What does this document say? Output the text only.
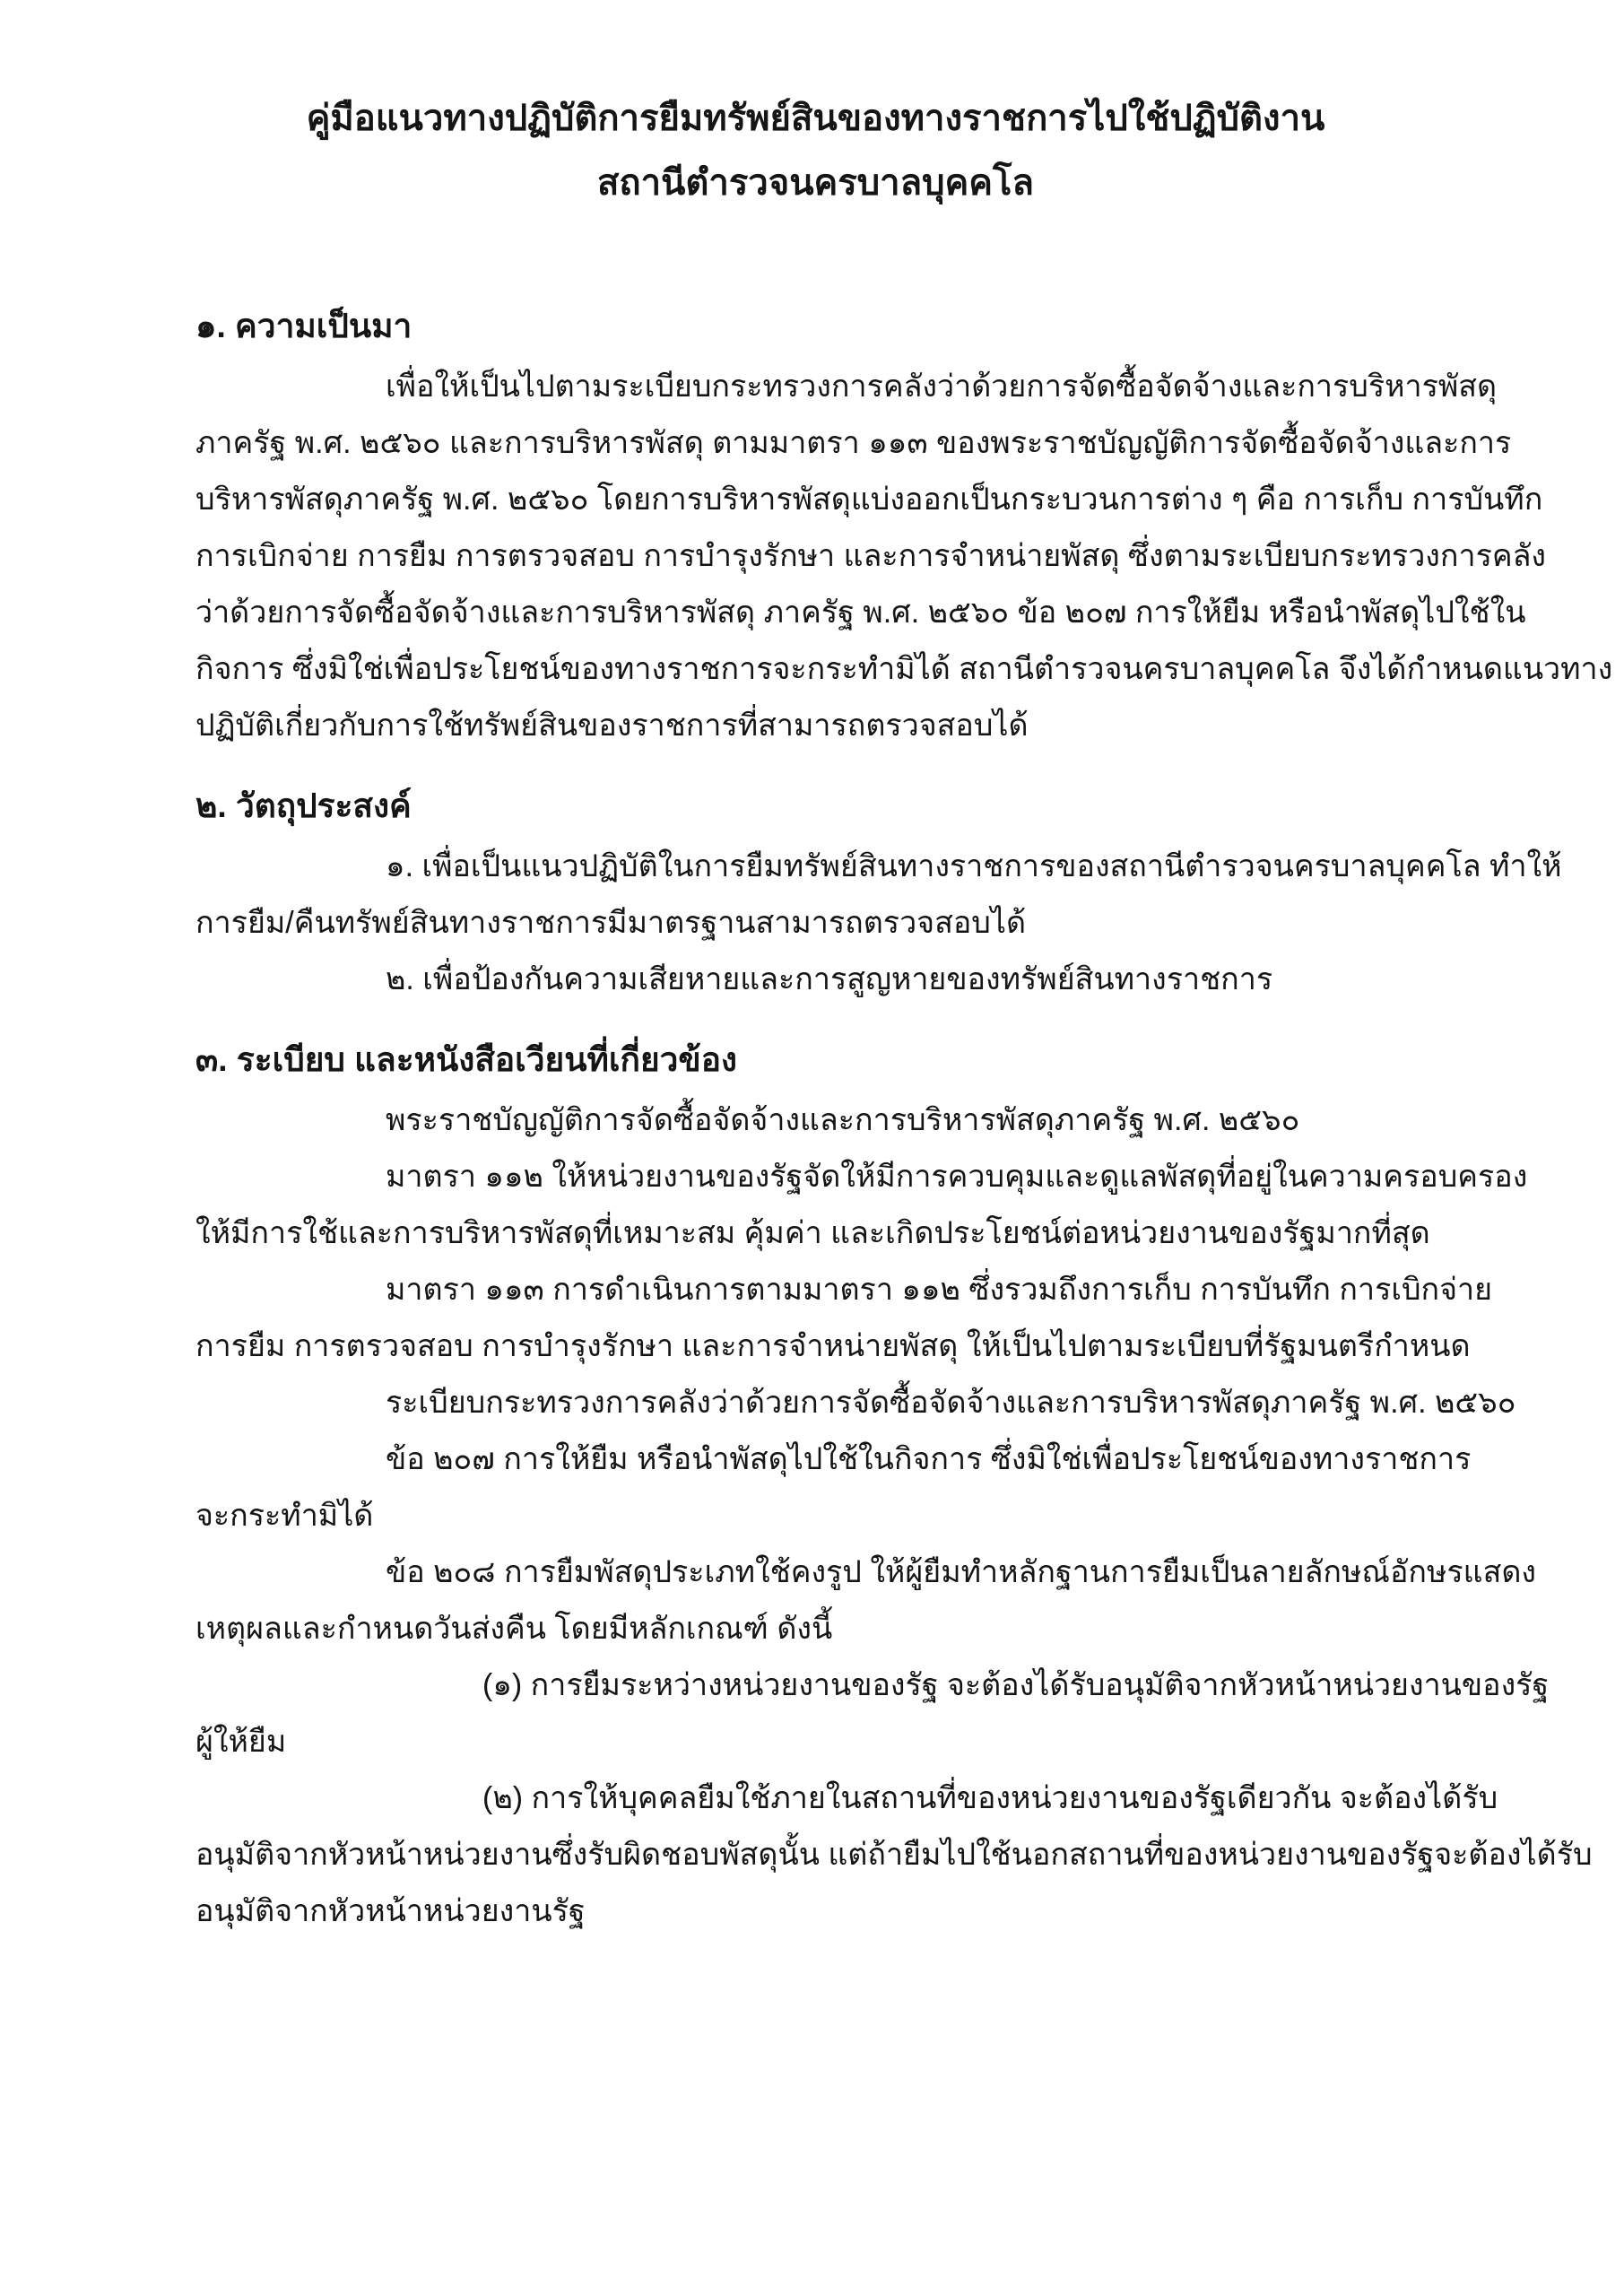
คู่มือแนวทางปฏิบัติการยืมทรัพย์สินของทางราชการไปใช้ปฏิบัติงาน
สถานีตำรวจนครบาลบุคคโล
๑. ความเป็นมา
เพื่อให้เป็นไปตามระเบียบกระทรวงการคลังว่าด้วยการจัดซื้อจัดจ้างและการบริหารพัสดุ
ภาครัฐ พ.ศ. ๒๕๖๐ และการบริหารพัสดุ ตามมาตรา ๑๑๓ ของพระราชบัญญัติการจัดซื้อจัดจ้างและการ
บริหารพัสดุภาครัฐ พ.ศ. ๒๕๖๐ โดยการบริหารพัสดุแบ่งออกเป็นกระบวนการต่าง ๆ คือ การเก็บ การบันทึก
การเบิกจ่าย การยืม การตรวจสอบ การบำรุงรักษา และการจำหน่ายพัสดุ ซึ่งตามระเบียบกระทรวงการคลัง
ว่าด้วยการจัดซื้อจัดจ้างและการบริหารพัสดุ ภาครัฐ พ.ศ. ๒๕๖๐ ข้อ ๒๐๗ การให้ยืม หรือนำพัสดุไปใช้ใน
กิจการ ซึ่งมิใช่เพื่อประโยชน์ของทางราชการจะกระทำมิได้ สถานีตำรวจนครบาลบุคคโล จึงได้กำหนดแนวทาง
ปฏิบัติเกี่ยวกับการใช้ทรัพย์สินของราชการที่สามารถตรวจสอบได้
๒. วัตถุประสงค์
๑. เพื่อเป็นแนวปฏิบัติในการยืมทรัพย์สินทางราชการของสถานีตำรวจนครบาลบุคคโล ทำให้
การยืม/คืนทรัพย์สินทางราชการมีมาตรฐานสามารถตรวจสอบได้
๒. เพื่อป้องกันความเสียหายและการสูญหายของทรัพย์สินทางราชการ
๓. ระเบียบ และหนังสือเวียนที่เกี่ยวข้อง
พระราชบัญญัติการจัดซื้อจัดจ้างและการบริหารพัสดุภาครัฐ พ.ศ. ๒๕๖๐
มาตรา ๑๑๒ ให้หน่วยงานของรัฐจัดให้มีการควบคุมและดูแลพัสดุที่อยู่ในความครอบครอง
ให้มีการใช้และการบริหารพัสดุที่เหมาะสม คุ้มค่า และเกิดประโยชน์ต่อหน่วยงานของรัฐมากที่สุด
มาตรา ๑๑๓ การดำเนินการตามมาตรา ๑๑๒ ซึ่งรวมถึงการเก็บ การบันทึก การเบิกจ่าย
การยืม การตรวจสอบ การบำรุงรักษา และการจำหน่ายพัสดุ ให้เป็นไปตามระเบียบที่รัฐมนตรีกำหนด
ระเบียบกระทรวงการคลังว่าด้วยการจัดซื้อจัดจ้างและการบริหารพัสดุภาครัฐ พ.ศ. ๒๕๖๐
ข้อ ๒๐๗ การให้ยืม หรือนำพัสดุไปใช้ในกิจการ ซึ่งมิใช่เพื่อประโยชน์ของทางราชการ
จะกระทำมิได้
ข้อ ๒๐๘ การยืมพัสดุประเภทใช้คงรูป ให้ผู้ยืมทำหลักฐานการยืมเป็นลายลักษณ์อักษรแสดง
เหตุผลและกำหนดวันส่งคืน โดยมีหลักเกณฑ์ ดังนี้
(๑) การยืมระหว่างหน่วยงานของรัฐ จะต้องได้รับอนุมัติจากหัวหน้าหน่วยงานของรัฐ
ผู้ให้ยืม
(๒) การให้บุคคลยืมใช้ภายในสถานที่ของหน่วยงานของรัฐเดียวกัน จะต้องได้รับ
อนุมัติจากหัวหน้าหน่วยงานซึ่งรับผิดชอบพัสดุนั้น แต่ถ้ายืมไปใช้นอกสถานที่ของหน่วยงานของรัฐจะต้องได้รับ
อนุมัติจากหัวหน้าหน่วยงานรัฐ
